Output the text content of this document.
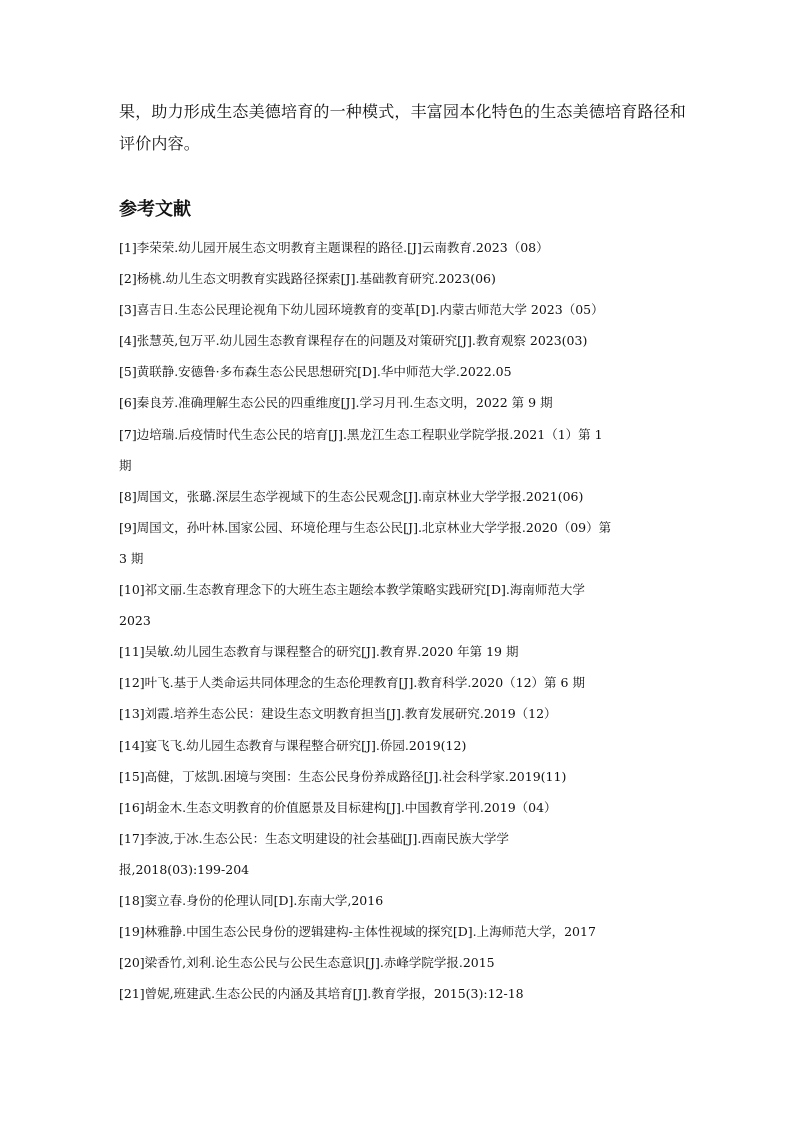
果，助力形成生态美德培育的一种模式，丰富园本化特色的生态美德培育路径和
评价内容。
参考文献
[1]李荣荣.幼儿园开展生态文明教育主题课程的路径.[J]云南教育.2023（08）
[2]杨桃.幼儿生态文明教育实践路径探索[J].基础教育研究.2023(06)
[3]喜吉日.生态公民理论视角下幼儿园环境教育的变革[D].内蒙古师范大学 2023（05）
[4]张慧英,包万平.幼儿园生态教育课程存在的问题及对策研究[J].教育观察 2023(03)
[5]黄联静.安德鲁·多布森生态公民思想研究[D].华中师范大学.2022.05
[6]秦良芳.准确理解生态公民的四重维度[J].学习月刊.生态文明，2022 第 9 期
[7]边培瑞.后疫情时代生态公民的培育[J].黑龙江生态工程职业学院学报.2021（1）第 1
期
[8]周国文，张璐.深层生态学视域下的生态公民观念[J].南京林业大学学报.2021(06)
[9]周国文，孙叶林.国家公园、环境伦理与生态公民[J].北京林业大学学报.2020（09）第
3 期
[10]祁文丽.生态教育理念下的大班生态主题绘本教学策略实践研究[D].海南师范大学
2023
[11]吴敏.幼儿园生态教育与课程整合的研究[J].教育界.2020 年第 19 期
[12]叶飞.基于人类命运共同体理念的生态伦理教育[J].教育科学.2020（12）第 6 期
[13]刘霞.培养生态公民：建设生态文明教育担当[J].教育发展研究.2019（12）
[14]宴飞飞.幼儿园生态教育与课程整合研究[J].侨园.2019(12)
[15]高健，丁炫凯.困境与突围：生态公民身份养成路径[J].社会科学家.2019(11)
[16]胡金木.生态文明教育的价值愿景及目标建构[J].中国教育学刊.2019（04）
[17]李波,于冰.生态公民：生态文明建设的社会基础[J].西南民族大学学
报,2018(03):199-204
[18]窦立春.身份的伦理认同[D].东南大学,2016
[19]林雅静.中国生态公民身份的逻辑建构-主体性视域的探究[D].上海师范大学，2017
[20]梁香竹,刘利.论生态公民与公民生态意识[J].赤峰学院学报.2015
[21]曾妮,班建武.生态公民的内涵及其培育[J].教育学报，2015(3):12-18
